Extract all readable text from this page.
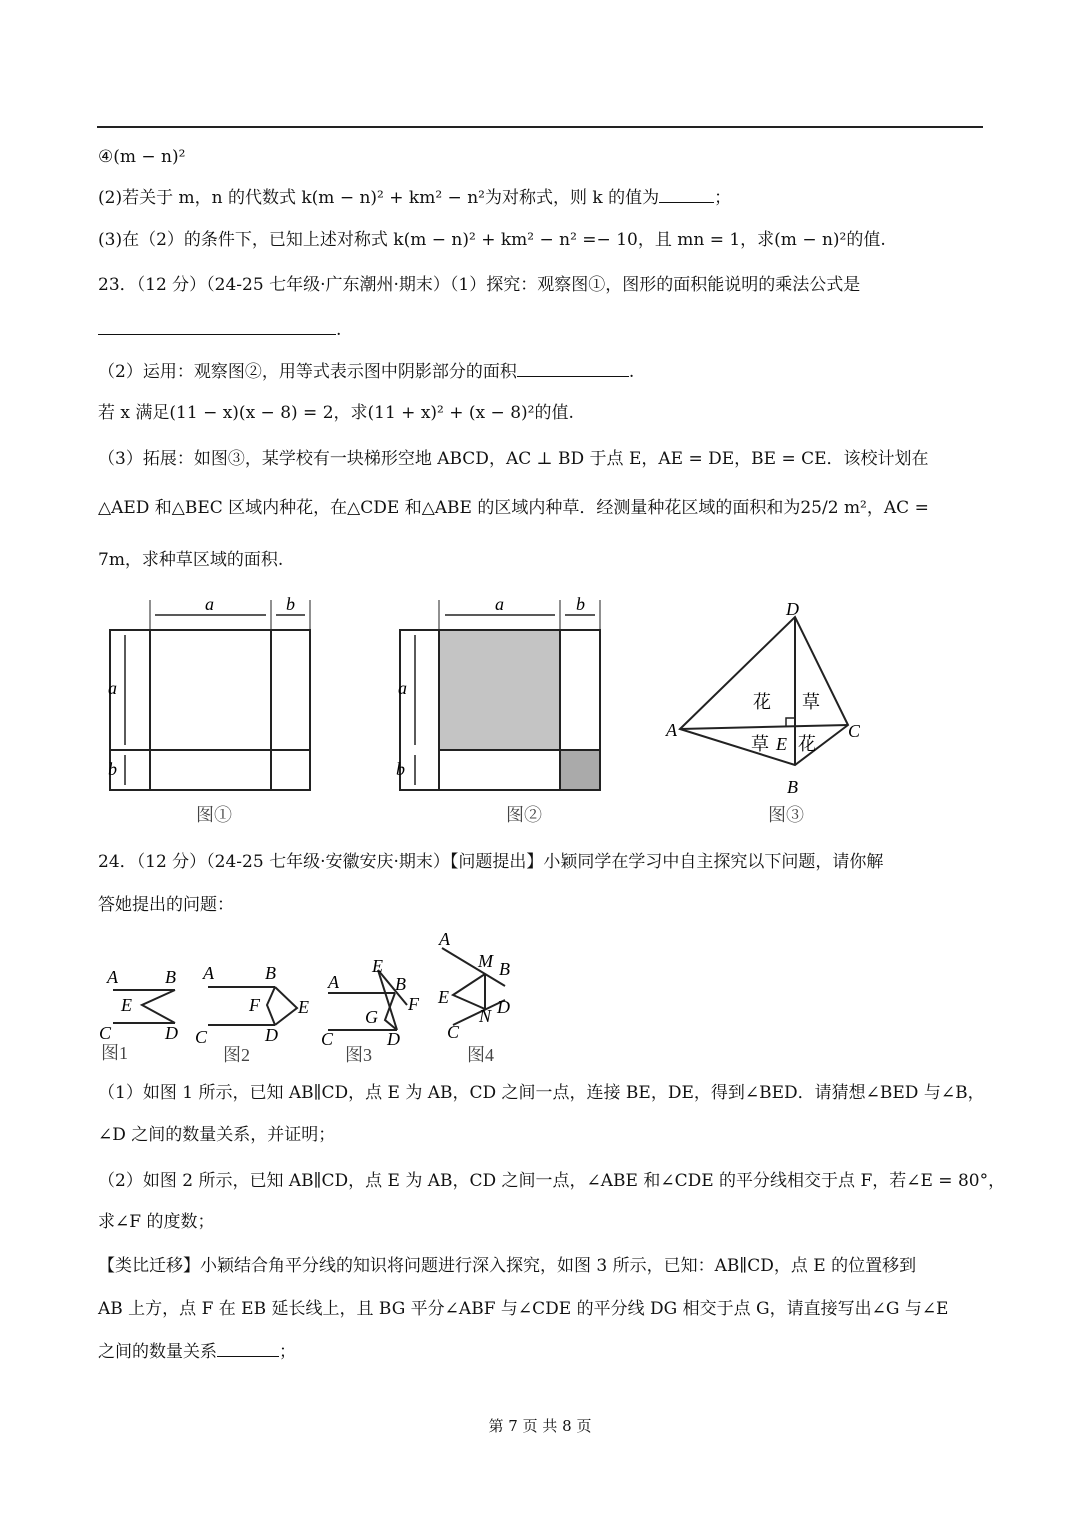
④(m − n)²
(2)若关于 m，n 的代数式 k(m − n)² + km² − n²为对称式，则 k 的值为	；
(3)在（2）的条件下，已知上述对称式 k(m − n)² + km² − n² =− 10，且 mn = 1，求(m − n)²的值.
23．（12 分）（24-25 七年级·广东潮州·期末）（1）探究：观察图①，图形的面积能说明的乘法公式是
.
（2）运用：观察图②，用等式表示图中阴影部分的面积	.
若 x 满足(11 − x)(x − 8) = 2，求(11 + x)² + (x − 8)²的值.
（3）拓展：如图③，某学校有一块梯形空地 ABCD，AC ⊥ BD 于点 E，AE = DE，BE = CE．该校计划在
△AED 和△BEC 区域内种花，在△CDE 和△ABE 的区域内种草．经测量种花区域的面积和为25/2 m²，AC =
7m，求种草区域的面积.
a	b
a
b
图①
a	b
a
b
图②
D
A	C
B
E
花 草
草 花
图③
24．（12 分）（24-25 七年级·安徽安庆·期末）【问题提出】小颖同学在学习中自主探究以下问题，请你解
答她提出的问题：
A	B
E
C	D
图1
A	B
F E
C	D
图2
A
E
B
F
G
C	D
图3
A
M B
E
N D
C
图4
（1）如图 1 所示，已知 AB∥CD，点 E 为 AB，CD 之间一点，连接 BE，DE，得到∠BED．请猜想∠BED 与∠B，
∠D 之间的数量关系，并证明；
（2）如图 2 所示，已知 AB∥CD，点 E 为 AB，CD 之间一点，∠ABE 和∠CDE 的平分线相交于点 F，若∠E = 80°，
求∠F 的度数；
【类比迁移】小颖结合角平分线的知识将问题进行深入探究，如图 3 所示，已知：AB∥CD，点 E 的位置移到
AB 上方，点 F 在 EB 延长线上，且 BG 平分∠ABF 与∠CDE 的平分线 DG 相交于点 G，请直接写出∠G 与∠E
之间的数量关系	；
第 7 页 共 8 页
